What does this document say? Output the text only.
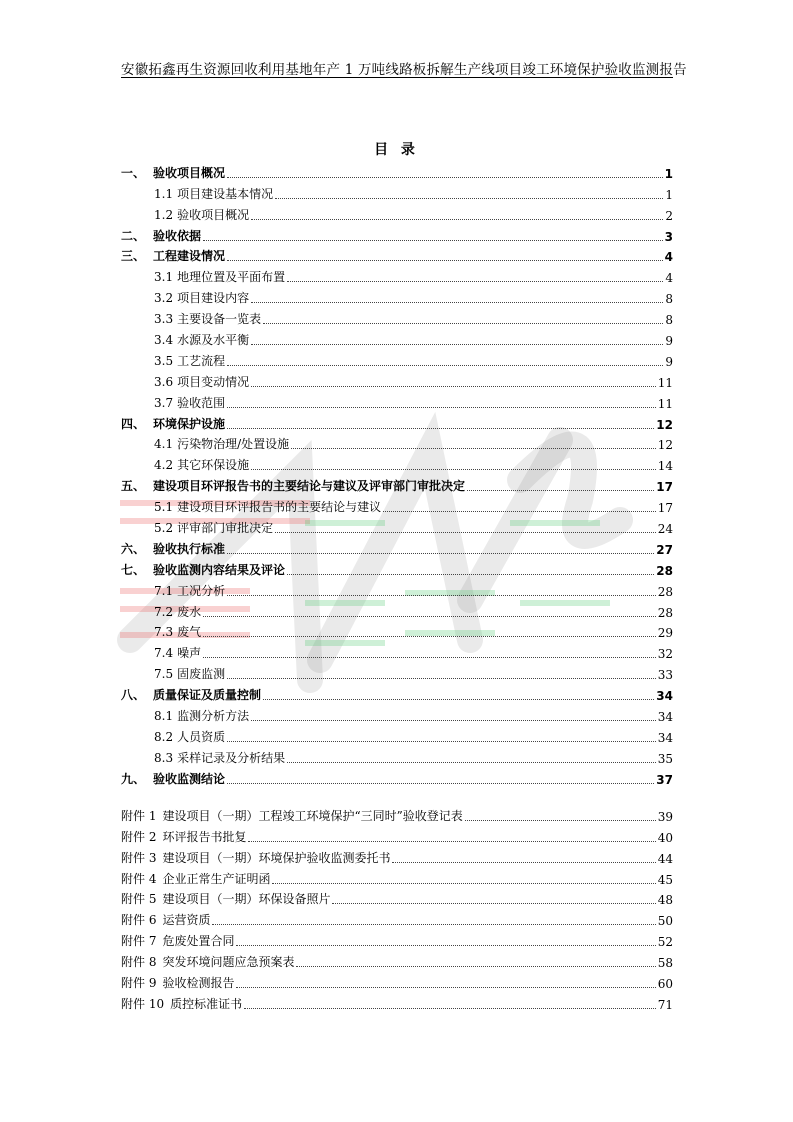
安徽拓鑫再生资源回收利用基地年产 1 万吨线路板拆解生产线项目竣工环境保护验收监测报告
目 录
一、 验收项目概况	1
1.1 项目建设基本情况	1
1.2 验收项目概况	2
二、 验收依据	3
三、 工程建设情况	4
3.1 地理位置及平面布置	4
3.2 项目建设内容	8
3.3 主要设备一览表	8
3.4 水源及水平衡	9
3.5 工艺流程	9
3.6 项目变动情况	11
3.7 验收范围	11
四、 环境保护设施	12
4.1 污染物治理/处置设施	12
4.2 其它环保设施	14
五、 建设项目环评报告书的主要结论与建议及评审部门审批决定	17
5.1 建设项目环评报告书的主要结论与建议	17
5.2 评审部门审批决定	24
六、 验收执行标准	27
七、 验收监测内容结果及评论	28
7.1 工况分析	28
7.2 废水	28
7.3 废气	29
7.4 噪声	32
7.5 固废监测	33
八、 质量保证及质量控制	34
8.1 监测分析方法	34
8.2 人员资质	34
8.3 采样记录及分析结果	35
九、 验收监测结论	37
附件 1 建设项目（一期）工程竣工环境保护“三同时”验收登记表	39
附件 2 环评报告书批复	40
附件 3 建设项目（一期）环境保护验收监测委托书	44
附件 4 企业正常生产证明函	45
附件 5 建设项目（一期）环保设备照片	48
附件 6 运营资质	50
附件 7 危废处置合同	52
附件 8 突发环境问题应急预案表	58
附件 9 验收检测报告	60
附件 10 质控标准证书	71
